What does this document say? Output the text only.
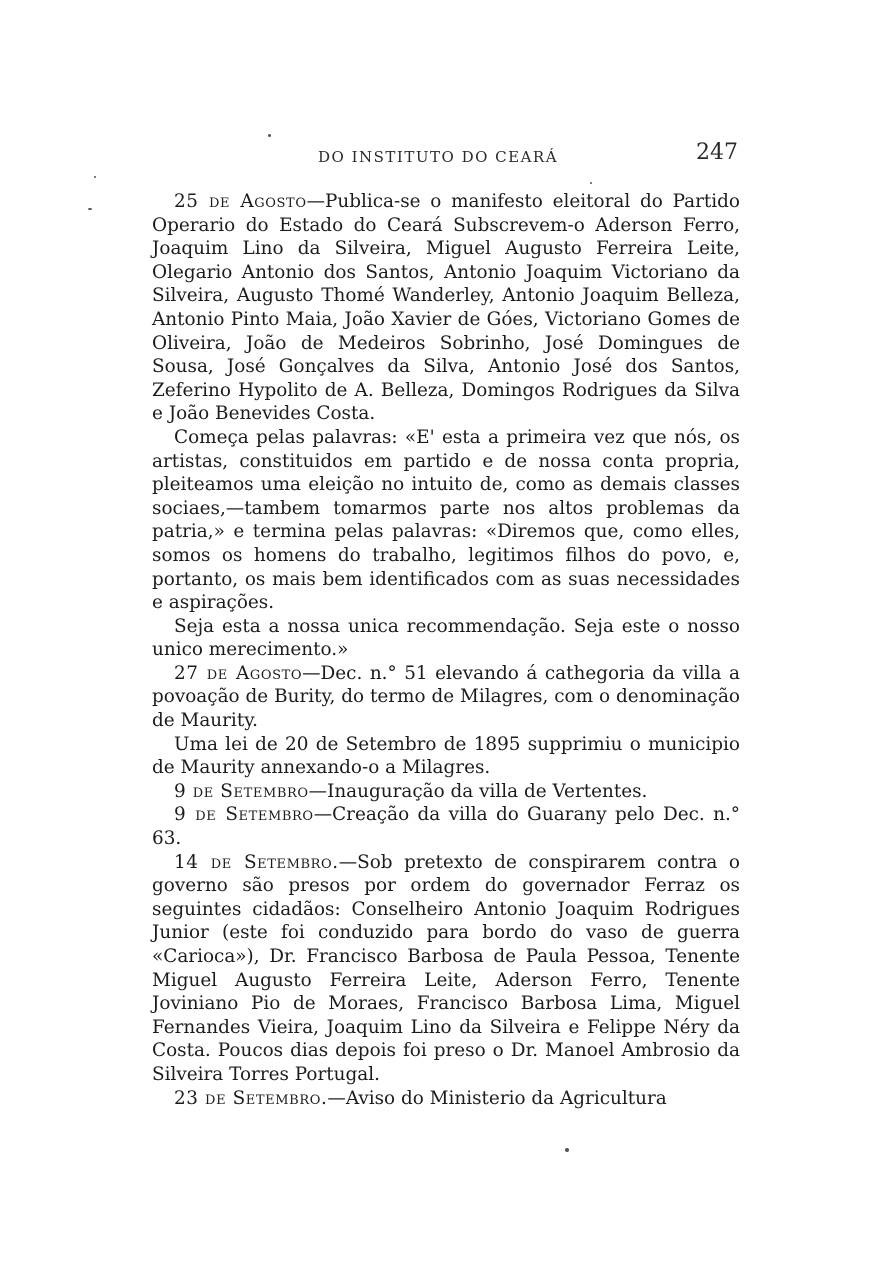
DO INSTITUTO DO CEARÁ	247

25 de Agosto—Publica-se o manifesto eleitoral do Partido Operario do Estado do Ceará Subscrevem-o Aderson Ferro, Joaquim Lino da Silveira, Miguel Augusto Ferreira Leite, Olegario Antonio dos Santos, Antonio Joaquim Victoriano da Silveira, Augusto Thomé Wanderley, Antonio Joaquim Belleza, Antonio Pinto Maia, João Xavier de Góes, Victoriano Gomes de Oliveira, João de Medeiros Sobrinho, José Domingues de Sousa, José Gonçalves da Silva, Antonio José dos Santos, Zeferino Hypolito de A. Belleza, Domingos Rodrigues da Silva e João Benevides Costa.

Começa pelas palavras: «E' esta a primeira vez que nós, os artistas, constituidos em partido e de nossa conta propria, pleiteamos uma eleição no intuito de, como as demais classes sociaes,—tambem tomarmos parte nos altos problemas da patria,» e termina pelas palavras: «Diremos que, como elles, somos os homens do trabalho, legitimos filhos do povo, e, portanto, os mais bem identificados com as suas necessidades e aspirações.

Seja esta a nossa unica recommendação. Seja este o nosso unico merecimento.»

27 de Agosto—Dec. n.° 51 elevando á cathegoria da villa a povoação de Burity, do termo de Milagres, com o denominação de Maurity.

Uma lei de 20 de Setembro de 1895 supprimiu o municipio de Maurity annexando-o a Milagres.

9 de Setembro—Inauguração da villa de Vertentes.

9 de Setembro—Creação da villa do Guarany pelo Dec. n.° 63.

14 de Setembro.—Sob pretexto de conspirarem contra o governo são presos por ordem do governador Ferraz os seguintes cidadãos: Conselheiro Antonio Joaquim Rodrigues Junior (este foi conduzido para bordo do vaso de guerra «Carioca»), Dr. Francisco Barbosa de Paula Pessoa, Tenente Miguel Augusto Ferreira Leite, Aderson Ferro, Tenente Joviniano Pio de Moraes, Francisco Barbosa Lima, Miguel Fernandes Vieira, Joaquim Lino da Silveira e Felippe Néry da Costa. Poucos dias depois foi preso o Dr. Manoel Ambrosio da Silveira Torres Portugal.

23 de Setembro.—Aviso do Ministerio da Agricultura
